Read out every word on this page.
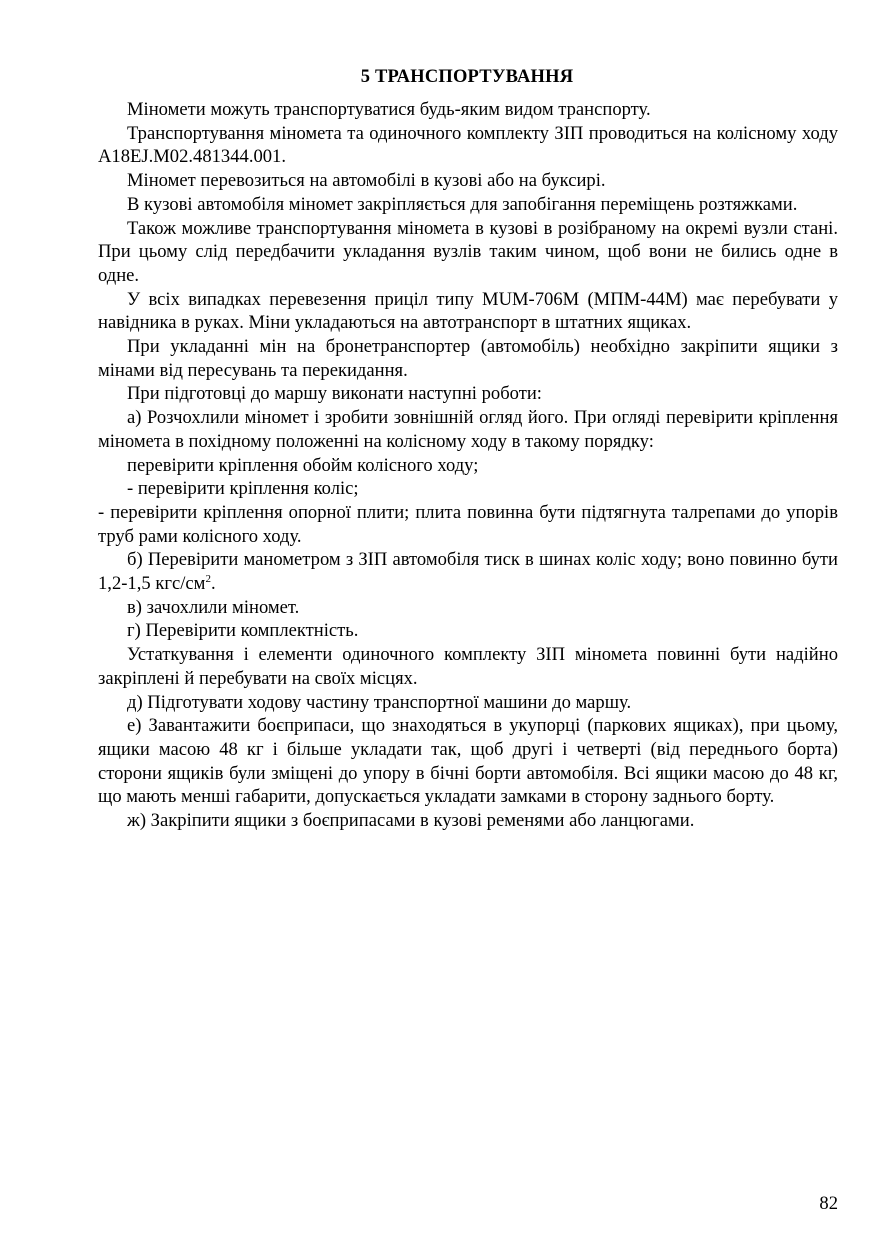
5 ТРАНСПОРТУВАННЯ

Міномети можуть транспортуватися будь-яким видом транспорту.

Транспортування мінометa та одиночного комплекту ЗІП проводиться на колісному ходу А18EJ.М02.481344.001.

Міномет перевозиться на автомобілі в кузові або на буксирі.

В кузові автомобіля міномет закріпляється для запобігання переміщень розтяжками.

Також можливе транспортування міномета в кузові в розібраному на окремі вузли стані. При цьому слід передбачити укладання вузлів таким чином, щоб вони не бились одне в одне.

У всіх випадках перевезення приціл типу МUМ-706М (МПМ-44М) має перебувати у навідника в руках. Міни укладаються на автотранспорт в штатних ящиках.

При укладанні мін на бронетранспортер (автомобіль) необхідно закріпити ящики з мінами від пересувань та перекидання.

При підготовці до маршу виконати наступні роботи:

а) Розчохлили міномет і зробити зовнішній огляд його. При огляді перевірити кріплення міномета в похідному положенні на колісному ходу в такому порядку:

перевірити кріплення обойм колісного ходу;

- перевірити кріплення коліс;

- перевірити кріплення опорної плити; плита повинна бути підтягнута талрепами до упорів труб рами колісного ходу.

б) Перевірити манометром з ЗІП автомобіля тиск в шинах коліс ходу; воно повинно бути 1,2-1,5 кгс/$см^2$.

в) зачохлили міномет.

г) Перевірити комплектність.

Устаткування і елементи одиночного комплекту ЗІП міномета повинні бути надійно закріплені й перебувати на своїх місцях.

д) Підготувати ходову частину транспортної машини до маршу.

е) Завантажити боєприпаси, що знаходяться в укупорці (паркових ящиках), при цьому, ящики масою 48 кг і більше укладати так, щоб другі і четверті (від переднього борта) сторони ящиків були зміщені до упору в бічні борти автомобіля. Всі ящики масою до 48 кг, що мають менші габарити, допускається укладати замками в сторону заднього борту.

ж) Закріпити ящики з боєприпасами в кузові ременями або ланцюгами.

82
